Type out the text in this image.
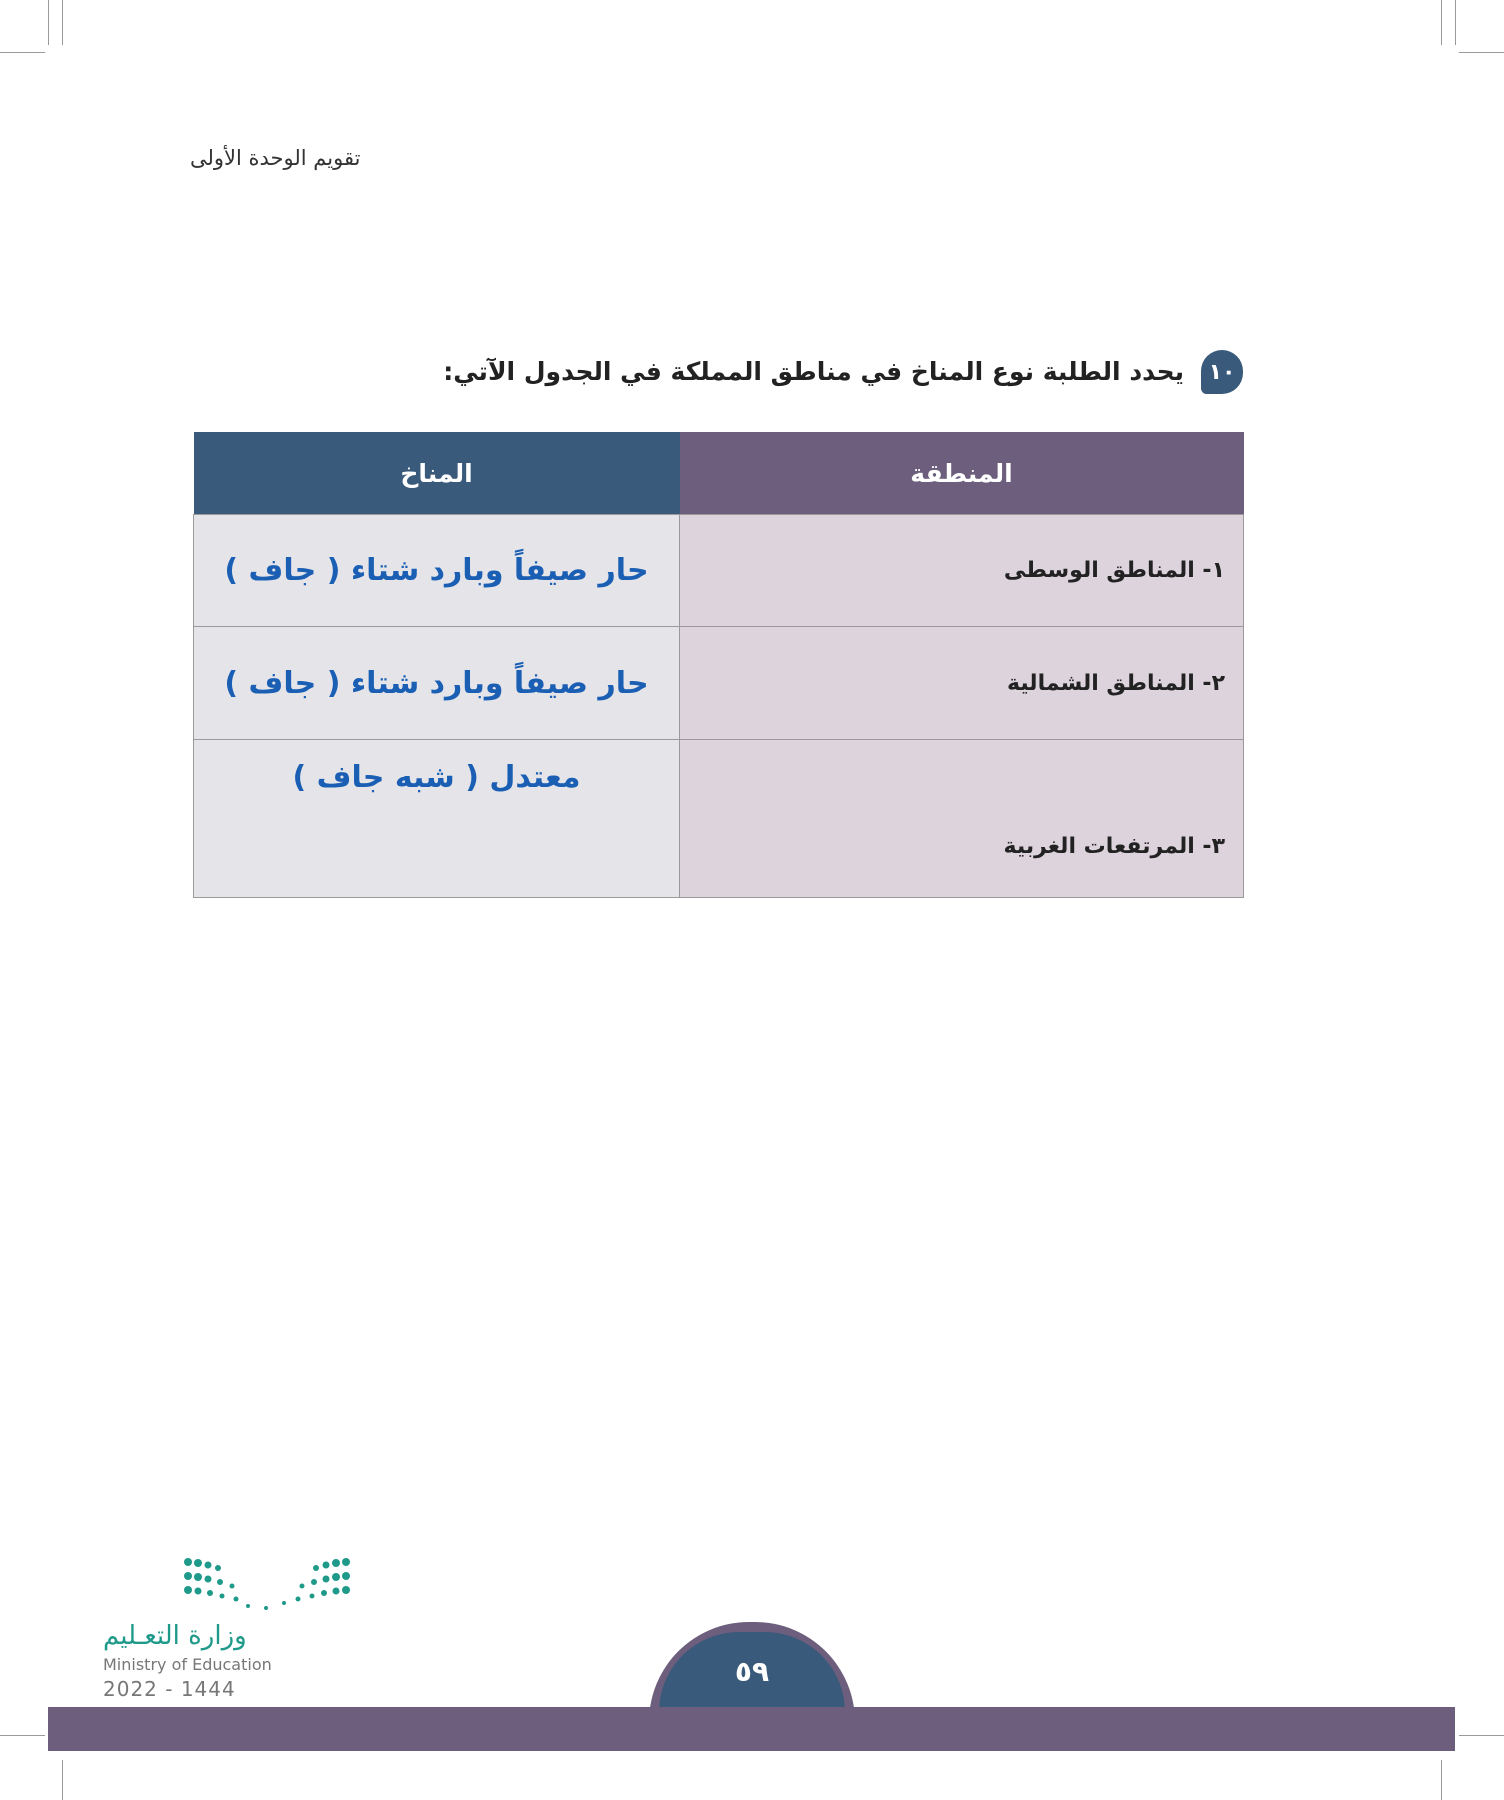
تقويم الوحدة الأولى
١٠
يحدد الطلبة نوع المناخ في مناطق المملكة في الجدول الآتي:
المنطقة	المناخ
١- المناطق الوسطى	حار صيفاً وبارد شتاء ( جاف )
٢- المناطق الشمالية	حار صيفاً وبارد شتاء ( جاف )
٣- المرتفعات الغربية	معتدل ( شبه جاف )
وزارة التعـليم
Ministry of Education
2022 - 1444
٥٩
